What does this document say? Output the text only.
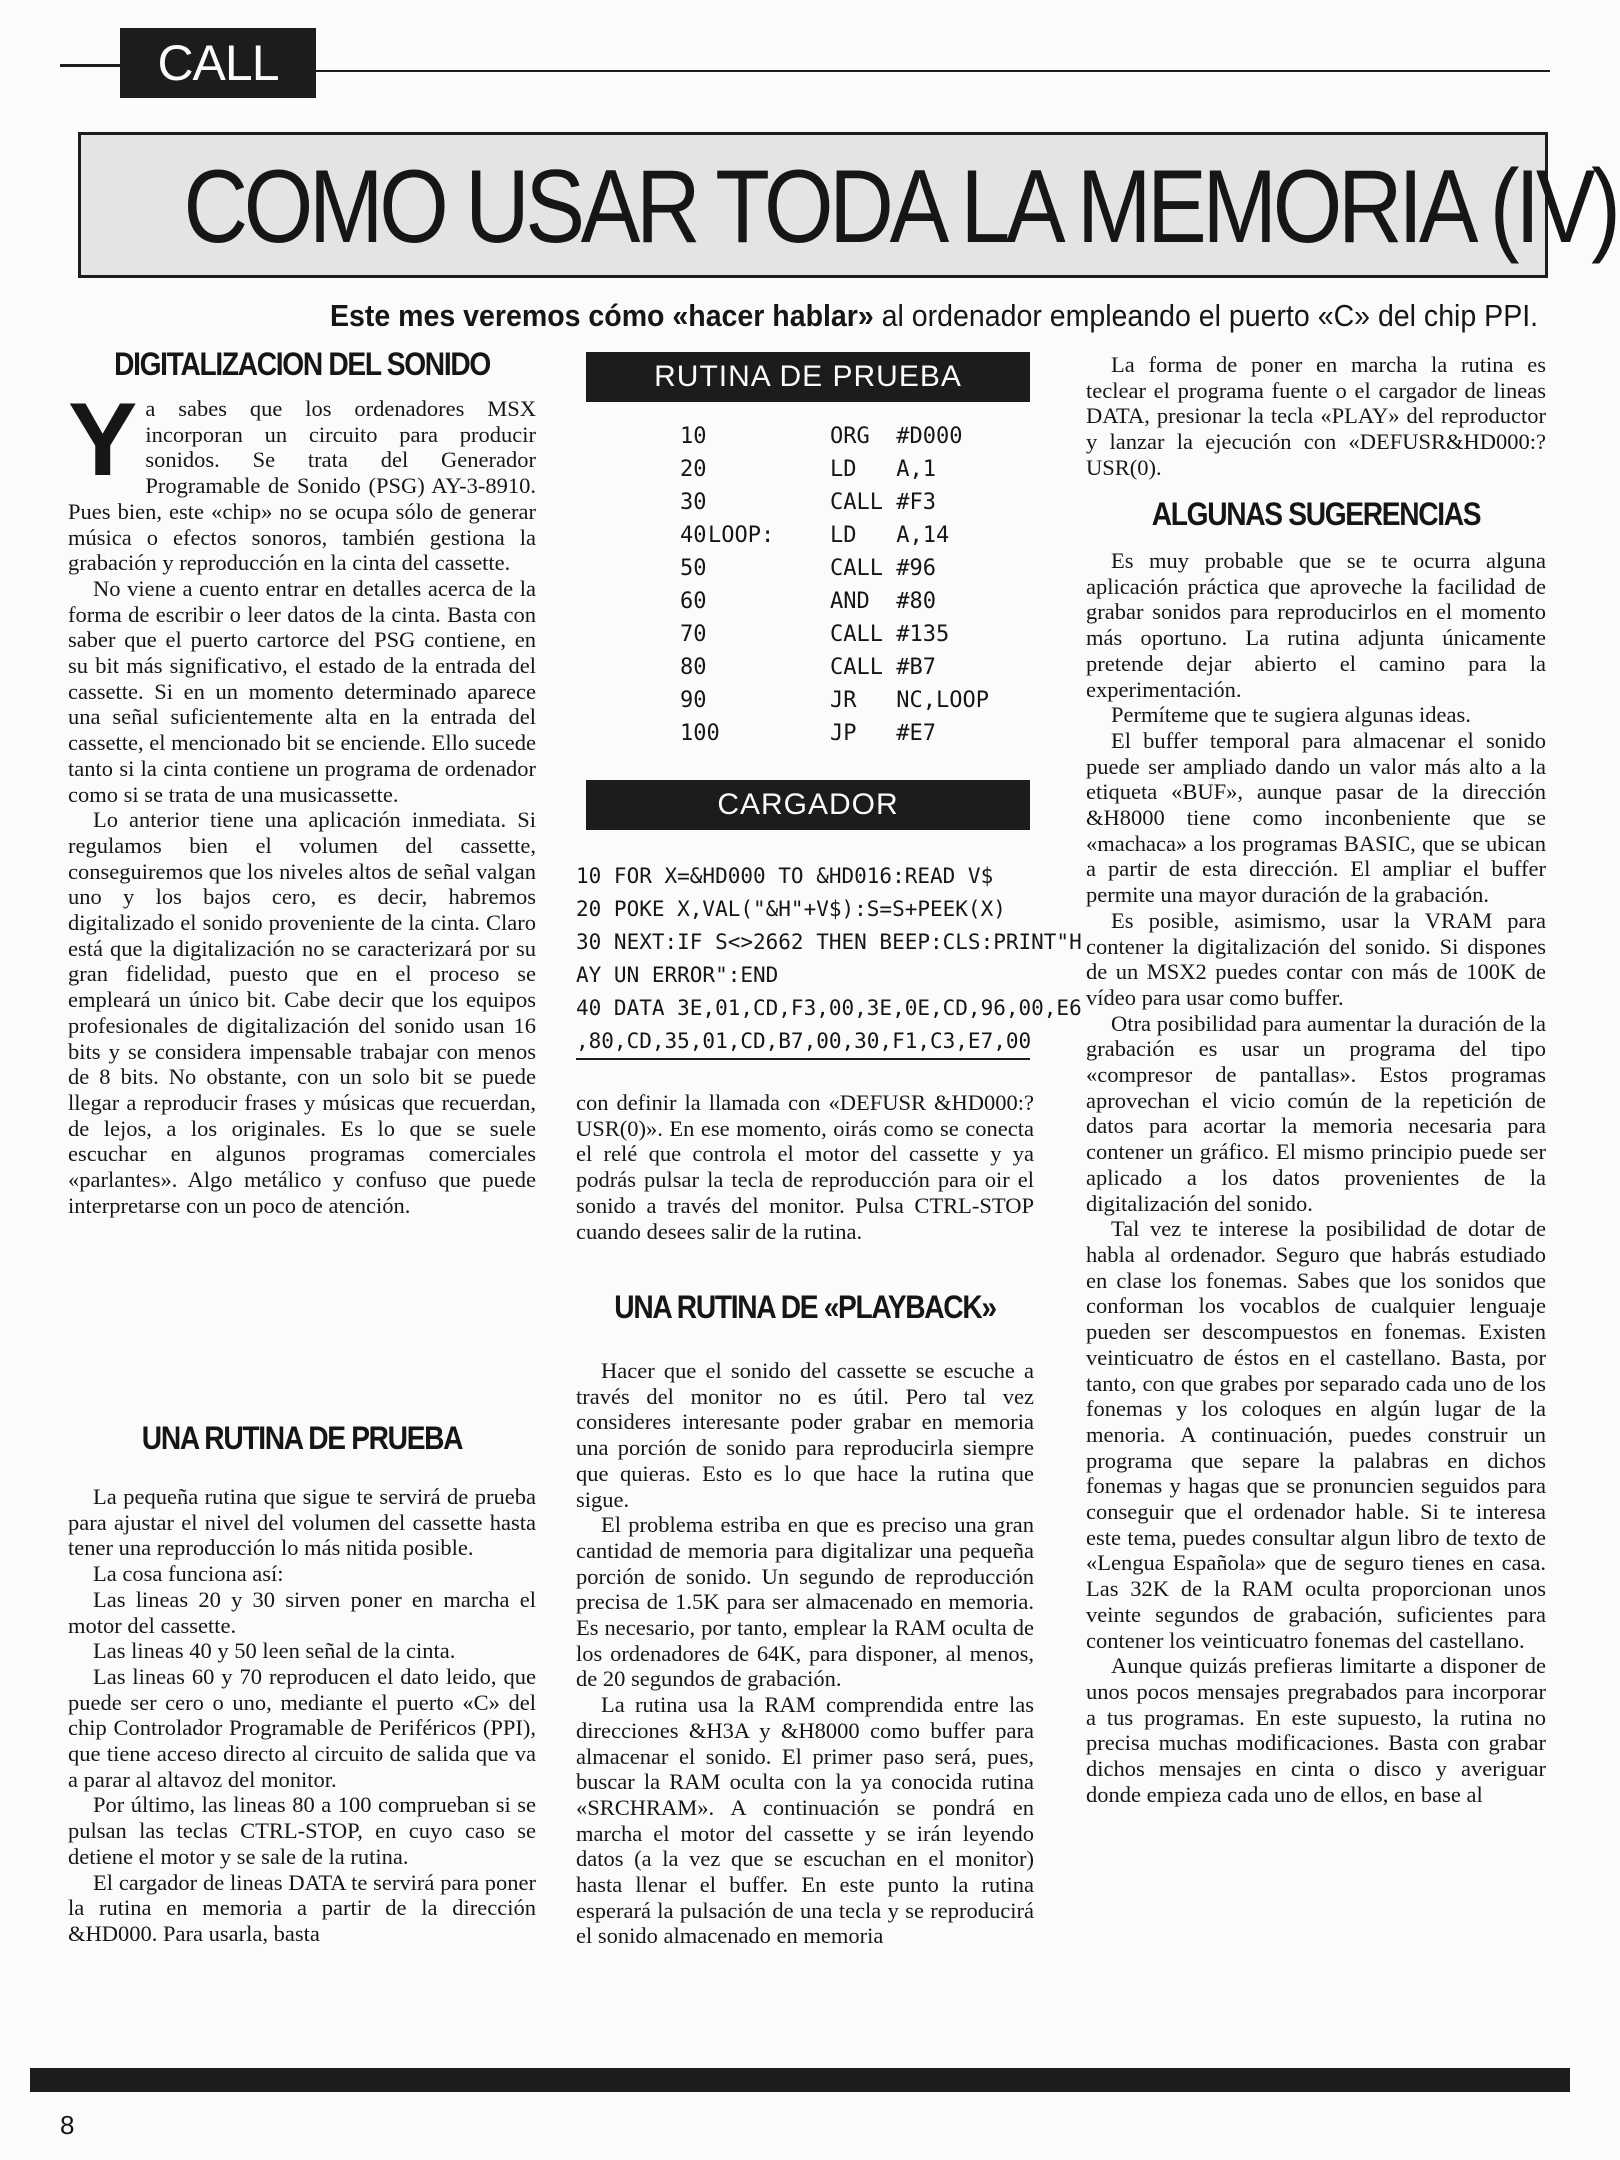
CALL
COMO USAR TODA LA MEMORIA (IV)
Este mes veremos cómo «hacer hablar» al ordenador empleando el puerto «C» del chip PPI.
DIGITALIZACION DEL SONIDO

Ya sabes que los ordenadores MSX incorporan un circuito para producir sonidos. Se trata del Generador Programable de Sonido (PSG) AY-3-8910. Pues bien, este «chip» no se ocupa sólo de generar música o efectos sonoros, también gestiona la grabación y reproducción en la cinta del cassette.

No viene a cuento entrar en detalles acerca de la forma de escribir o leer datos de la cinta. Basta con saber que el puerto cartorce del PSG contiene, en su bit más significativo, el estado de la entrada del cassette. Si en un momento determinado aparece una señal suficientemente alta en la entrada del cassette, el mencionado bit se enciende. Ello sucede tanto si la cinta contiene un programa de ordenador como si se trata de una musicassette.

Lo anterior tiene una aplicación inmediata. Si regulamos bien el volumen del cassette, conseguiremos que los niveles altos de señal valgan uno y los bajos cero, es decir, habremos digitalizado el sonido proveniente de la cinta. Claro está que la digitalización no se caracterizará por su gran fidelidad, puesto que en el proceso se empleará un único bit. Cabe decir que los equipos profesionales de digitalización del sonido usan 16 bits y se considera impensable trabajar con menos de 8 bits. No obstante, con un solo bit se puede llegar a reproducir frases y músicas que recuerdan, de lejos, a los originales. Es lo que se suele escuchar en algunos programas comerciales «parlantes». Algo metálico y confuso que puede interpretarse con un poco de atención.

UNA RUTINA DE PRUEBA

La pequeña rutina que sigue te servirá de prueba para ajustar el nivel del volumen del cassette hasta tener una reproducción lo más nitida posible.

La cosa funciona así:

Las lineas 20 y 30 sirven poner en marcha el motor del cassette.

Las lineas 40 y 50 leen señal de la cinta.

Las lineas 60 y 70 reproducen el dato leido, que puede ser cero o uno, mediante el puerto «C» del chip Controlador Programable de Periféricos (PPI), que tiene acceso directo al circuito de salida que va a parar al altavoz del monitor.

Por último, las lineas 80 a 100 comprueban si se pulsan las teclas CTRL-STOP, en cuyo caso se detiene el motor y se sale de la rutina.

El cargador de lineas DATA te servirá para poner la rutina en memoria a partir de la dirección &HD000. Para usarla, basta

RUTINA DE PRUEBA
10	ORG  #D000
20	LD   A,1
30	CALL #F3
40 LOOP:	LD   A,14
50	CALL #96
60	AND  #80
70	CALL #135
80	CALL #B7
90	JR   NC,LOOP
100	JP   #E7
CARGADOR
10 FOR X=&HD000 TO &HD016:READ V$
20 POKE X,VAL("&H"+V$):S=S+PEEK(X)
30 NEXT:IF S<>2662 THEN BEEP:CLS:PRINT"H
AY UN ERROR":END
40 DATA 3E,01,CD,F3,00,3E,0E,CD,96,00,E6
,80,CD,35,01,CD,B7,00,30,F1,C3,E7,00

con definir la llamada con «DEFUSR &HD000:?USR(0)». En ese momento, oirás como se conecta el relé que controla el motor del cassette y ya podrás pulsar la tecla de reproducción para oir el sonido a través del monitor. Pulsa CTRL-STOP cuando desees salir de la rutina.

UNA RUTINA DE «PLAYBACK»

Hacer que el sonido del cassette se escuche a través del monitor no es útil. Pero tal vez consideres interesante poder grabar en memoria una porción de sonido para reproducirla siempre que quieras. Esto es lo que hace la rutina que sigue.

El problema estriba en que es preciso una gran cantidad de memoria para digitalizar una pequeña porción de sonido. Un segundo de reproducción precisa de 1.5K para ser almacenado en memoria. Es necesario, por tanto, emplear la RAM oculta de los ordenadores de 64K, para disponer, al menos, de 20 segundos de grabación.

La rutina usa la RAM comprendida entre las direcciones &H3A y &H8000 como buffer para almacenar el sonido. El primer paso será, pues, buscar la RAM oculta con la ya conocida rutina «SRCHRAM». A continuación se pondrá en marcha el motor del cassette y se irán leyendo datos (a la vez que se escuchan en el monitor) hasta llenar el buffer. En este punto la rutina esperará la pulsación de una tecla y se reproducirá el sonido almacenado en memoria

La forma de poner en marcha la rutina es teclear el programa fuente o el cargador de lineas DATA, presionar la tecla «PLAY» del reproductor y lanzar la ejecución con «DEFUSR&HD000:?USR(0).

ALGUNAS SUGERENCIAS

Es muy probable que se te ocurra alguna aplicación práctica que aproveche la facilidad de grabar sonidos para reproducirlos en el momento más oportuno. La rutina adjunta únicamente pretende dejar abierto el camino para la experimentación.

Permíteme que te sugiera algunas ideas.

El buffer temporal para almacenar el sonido puede ser ampliado dando un valor más alto a la etiqueta «BUF», aunque pasar de la dirección &H8000 tiene como inconbeniente que se «machaca» a los programas BASIC, que se ubican a partir de esta dirección. El ampliar el buffer permite una mayor duración de la grabación.

Es posible, asimismo, usar la VRAM para contener la digitalización del sonido. Si dispones de un MSX2 puedes contar con más de 100K de vídeo para usar como buffer.

Otra posibilidad para aumentar la duración de la grabación es usar un programa del tipo «compresor de pantallas». Estos programas aprovechan el vicio común de la repetición de datos para acortar la memoria necesaria para contener un gráfico. El mismo principio puede ser aplicado a los datos provenientes de la digitalización del sonido.

Tal vez te interese la posibilidad de dotar de habla al ordenador. Seguro que habrás estudiado en clase los fonemas. Sabes que los sonidos que conforman los vocablos de cualquier lenguaje pueden ser descompuestos en fonemas. Existen veinticuatro de éstos en el castellano. Basta, por tanto, con que grabes por separado cada uno de los fonemas y los coloques en algún lugar de la menoria. A continuación, puedes construir un programa que separe la palabras en dichos fonemas y hagas que se pronuncien seguidos para conseguir que el ordenador hable. Si te interesa este tema, puedes consultar algun libro de texto de «Lengua Española» que de seguro tienes en casa. Las 32K de la RAM oculta proporcionan unos veinte segundos de grabación, suficientes para contener los veinticuatro fonemas del castellano.

Aunque quizás prefieras limitarte a disponer de unos pocos mensajes pregrabados para incorporar a tus programas. En este supuesto, la rutina no precisa muchas modificaciones. Basta con grabar dichos mensajes en cinta o disco y averiguar donde empieza cada uno de ellos, en base al

8
